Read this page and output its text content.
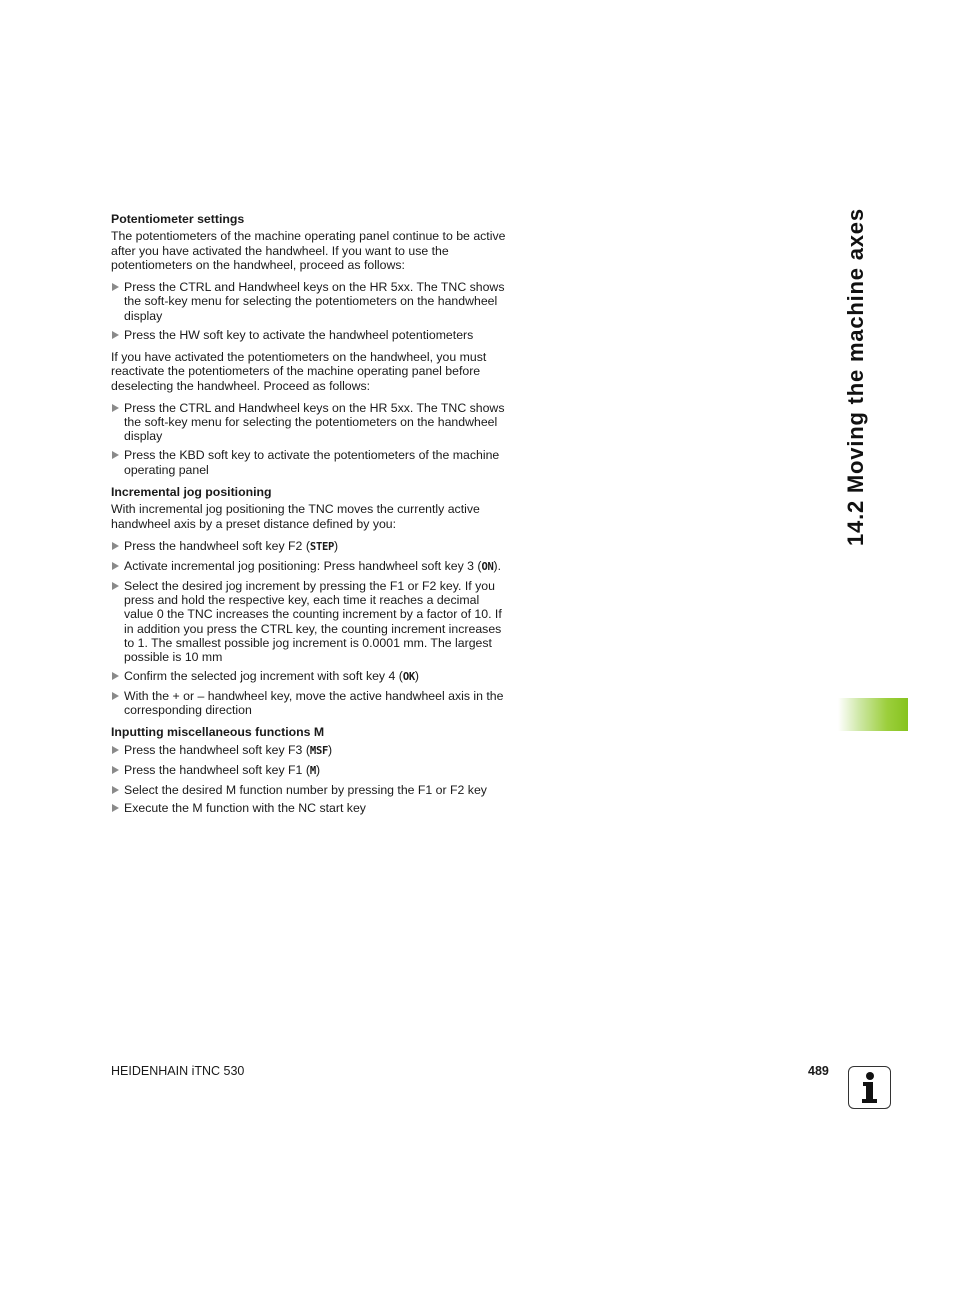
Potentiometer settings

The potentiometers of the machine operating panel continue to be active after you have activated the handwheel. If you want to use the potentiometers on the handwheel, proceed as follows:

Press the CTRL and Handwheel keys on the HR 5xx. The TNC shows the soft-key menu for selecting the potentiometers on the handwheel display
Press the HW soft key to activate the handwheel potentiometers

If you have activated the potentiometers on the handwheel, you must reactivate the potentiometers of the machine operating panel before deselecting the handwheel. Proceed as follows:

Press the CTRL and Handwheel keys on the HR 5xx. The TNC shows the soft-key menu for selecting the potentiometers on the handwheel display
Press the KBD soft key to activate the potentiometers of the machine operating panel
Incremental jog positioning

With incremental jog positioning the TNC moves the currently active handwheel axis by a preset distance defined by you:

Press the handwheel soft key F2 (STEP)
Activate incremental jog positioning: Press handwheel soft key 3 (ON).
Select the desired jog increment by pressing the F1 or F2 key. If you press and hold the respective key, each time it reaches a decimal value 0 the TNC increases the counting increment by a factor of 10. If in addition you press the CTRL key, the counting increment increases to 1. The smallest possible jog increment is 0.0001 mm. The largest possible is 10 mm
Confirm the selected jog increment with soft key 4 (OK)
With the + or – handwheel key, move the active handwheel axis in the corresponding direction
Inputting miscellaneous functions M
Press the handwheel soft key F3 (MSF)
Press the handwheel soft key F1 (M)
Select the desired M function number by pressing the F1 or F2 key
Execute the M function with the NC start key
14.2 Moving the machine axes
HEIDENHAIN iTNC 530	489
